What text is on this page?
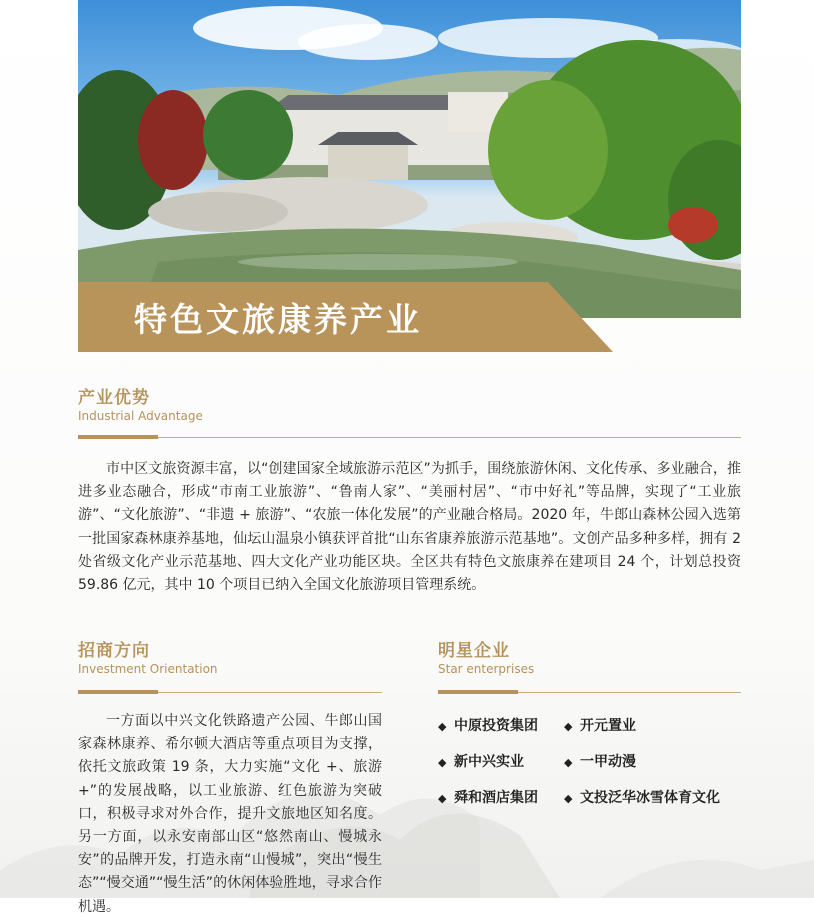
特色文旅康养产业
产业优势
Industrial Advantage
市中区文旅资源丰富，以“创建国家全域旅游示范区”为抓手，围绕旅游休闲、文化传承、多业融合，推进多业态融合，形成“市南工业旅游”、“鲁南人家”、“美丽村居”、“市中好礼”等品牌，实现了“工业旅游”、“文化旅游”、“非遗 + 旅游”、“农旅一体化发展”的产业融合格局。2020 年，牛郎山森林公园入选第一批国家森林康养基地，仙坛山温泉小镇获评首批“山东省康养旅游示范基地”。文创产品多种多样，拥有 2 处省级文化产业示范基地、四大文化产业功能区块。全区共有特色文旅康养在建项目 24 个，计划总投资 59.86 亿元，其中 10 个项目已纳入全国文化旅游项目管理系统。
招商方向
Investment Orientation
一方面以中兴文化铁路遗产公园、牛郎山国家森林康养、希尔顿大酒店等重点项目为支撑，依托文旅政策 19 条，大力实施“文化 +、旅游 +”的发展战略，以工业旅游、红色旅游为突破口，积极寻求对外合作，提升文旅地区知名度。另一方面，以永安南部山区“悠然南山、慢城永安”的品牌开发，打造永南“山慢城”，突出“慢生态”“慢交通”“慢生活”的休闲体验胜地，寻求合作机遇。
明星企业
Star enterprises
◆ 中原投资集团 ◆ 开元置业
◆ 新中兴实业	◆ 一甲动漫
◆ 舜和酒店集团 ◆ 文投泛华冰雪体育文化
